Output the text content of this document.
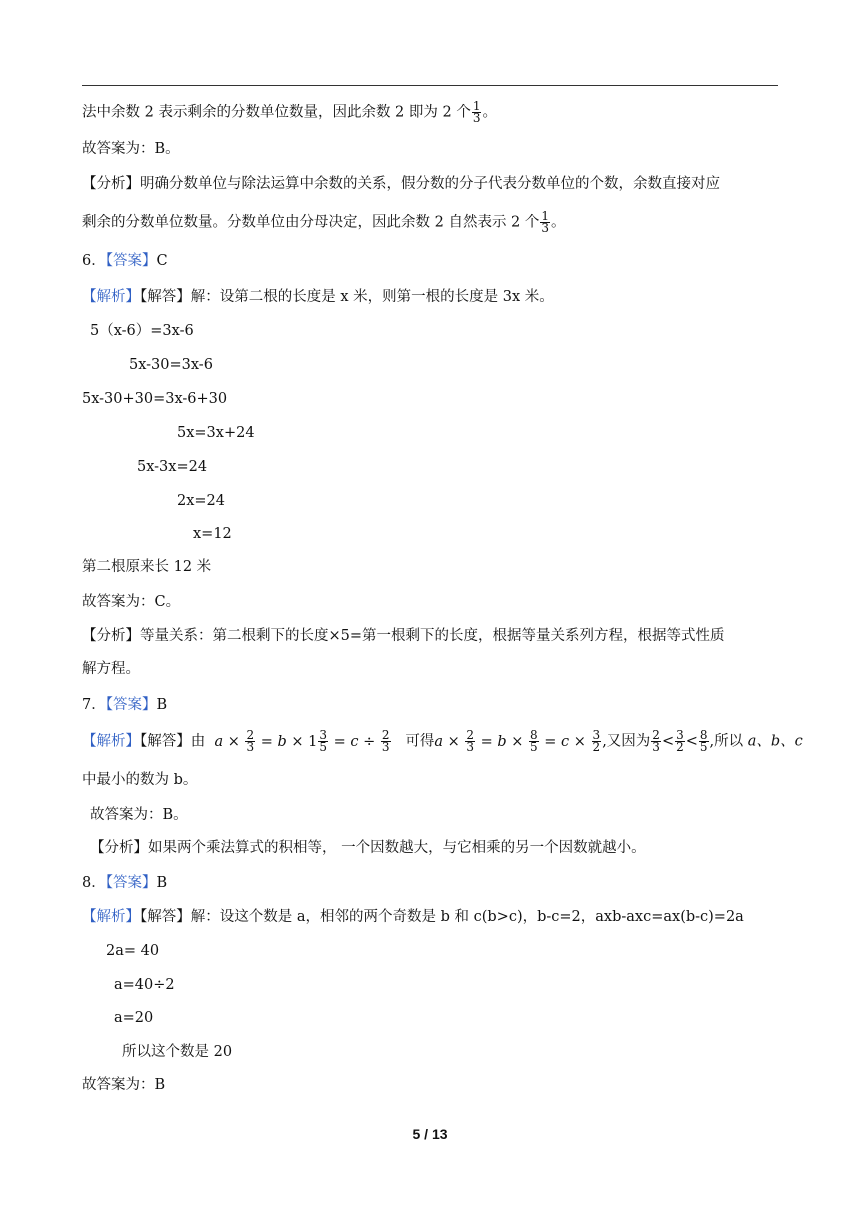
法中余数 2 表示剩余的分数单位数量，因此余数 2 即为 2 个 $\frac{1}{3}$ 。
故答案为：B。
【分析】明确分数单位与除法运算中余数的关系，假分数的分子代表分数单位的个数，余数直接对应
剩余的分数单位数量。分数单位由分母决定，因此余数 2 自然表示 2 个 $\frac{1}{3}$ 。
6．【答案】C
【解析】【解答】解：设第二根的长度是 x 米，则第一根的长度是 3x 米。
5（x-6）=3x-6
5x-30=3x-6
5x-30+30=3x-6+30
5x=3x+24
5x-3x=24
2x=24
x=12
第二根原来长 12 米
故答案为：C。
【分析】等量关系：第二根剩下的长度×5=第一根剩下的长度，根据等量关系列方程，根据等式性质
解方程。
7．【答案】B
【解析】【解答】由  $a \times \frac{2}{3} = b \times 1 \frac{3}{5} = c \div \frac{2}{3}$ 可得$a \times \frac{2}{3} = b \times \frac{8}{5} = c \times \frac{3}{2}$ ,又因为 $\frac{2}{3} < \frac{3}{2} < \frac{8}{5}$ ,所以 a、b、c
中最小的数为 b。
故答案为：B。
【分析】如果两个乘法算式的积相等， 一个因数越大，与它相乘的另一个因数就越小。
8．【答案】B
【解析】【解答】解：设这个数是 a，相邻的两个奇数是 b 和 c(b>c)，b-c=2，axb-axc=ax(b-c)=2a
2a= 40
a=40÷2
a=20
所以这个数是 20
故答案为：B
5 / 13
